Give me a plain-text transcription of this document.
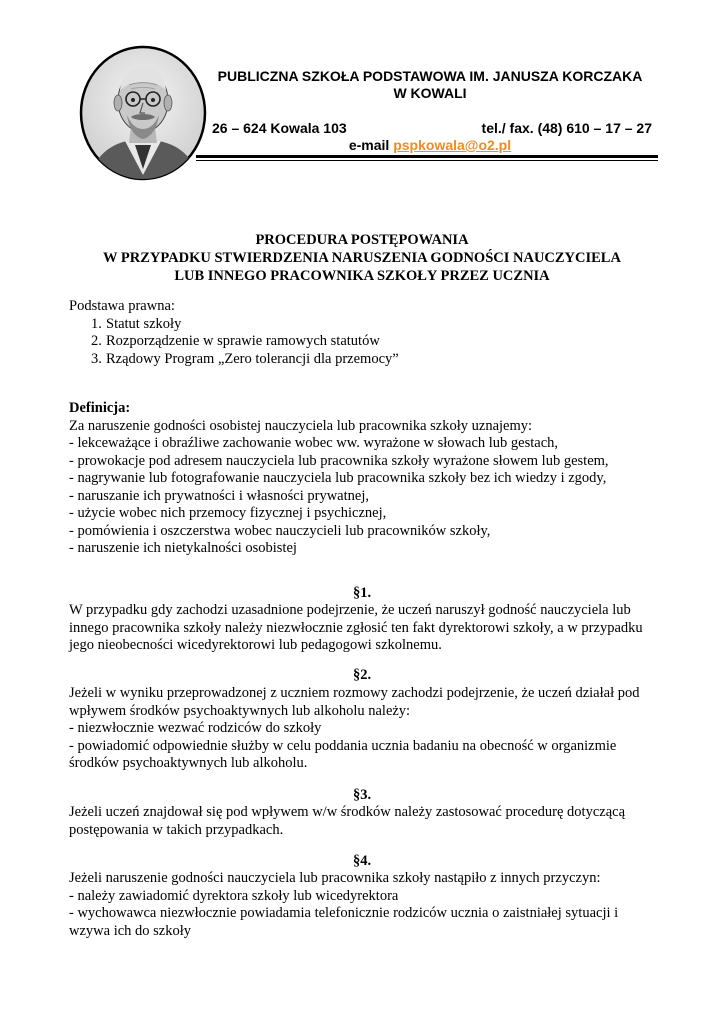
PUBLICZNA SZKOŁA PODSTAWOWA IM. JANUSZA KORCZAKA
W KOWALI
26 – 624 Kowala 103	tel./ fax. (48) 610 – 17 – 27
e-mail pspkowala@o2.pl
PROCEDURA POSTĘPOWANIA
W PRZYPADKU STWIERDZENIA NARUSZENIA GODNOŚCI NAUCZYCIELA
LUB INNEGO PRACOWNIKA SZKOŁY PRZEZ UCZNIA
Podstawa prawna:
1. Statut szkoły
2. Rozporządzenie w sprawie ramowych statutów
3. Rządowy Program „Zero tolerancji dla przemocy”
Definicja:
Za naruszenie godności osobistej nauczyciela lub pracownika szkoły uznajemy:
- lekceważące i obraźliwe zachowanie wobec ww. wyrażone w słowach lub gestach,
- prowokacje pod adresem nauczyciela lub pracownika szkoły wyrażone słowem lub gestem,
- nagrywanie lub fotografowanie nauczyciela lub pracownika szkoły bez ich wiedzy i zgody,
- naruszanie ich prywatności i własności prywatnej,
- użycie wobec nich przemocy fizycznej i psychicznej,
- pomówienia i oszczerstwa wobec nauczycieli lub pracowników szkoły,
- naruszenie ich nietykalności osobistej
§1.
W przypadku gdy zachodzi uzasadnione podejrzenie, że uczeń naruszył godność nauczyciela lub
innego pracownika szkoły należy niezwłocznie zgłosić ten fakt dyrektorowi szkoły, a w przypadku
jego nieobecności wicedyrektorowi lub pedagogowi szkolnemu.
§2.
Jeżeli w wyniku przeprowadzonej z uczniem rozmowy zachodzi podejrzenie, że uczeń działał pod
wpływem środków psychoaktywnych lub alkoholu należy:
- niezwłocznie wezwać rodziców do szkoły
- powiadomić odpowiednie służby w celu poddania ucznia badaniu na obecność w organizmie
środków psychoaktywnych lub alkoholu.
§3.
Jeżeli uczeń znajdował się pod wpływem w/w środków należy zastosować procedurę dotyczącą
postępowania w takich przypadkach.
§4.
Jeżeli naruszenie godności nauczyciela lub pracownika szkoły nastąpiło z innych przyczyn:
- należy zawiadomić dyrektora szkoły lub wicedyrektora
- wychowawca niezwłocznie powiadamia telefonicznie rodziców ucznia o zaistniałej sytuacji i
wzywa ich do szkoły
